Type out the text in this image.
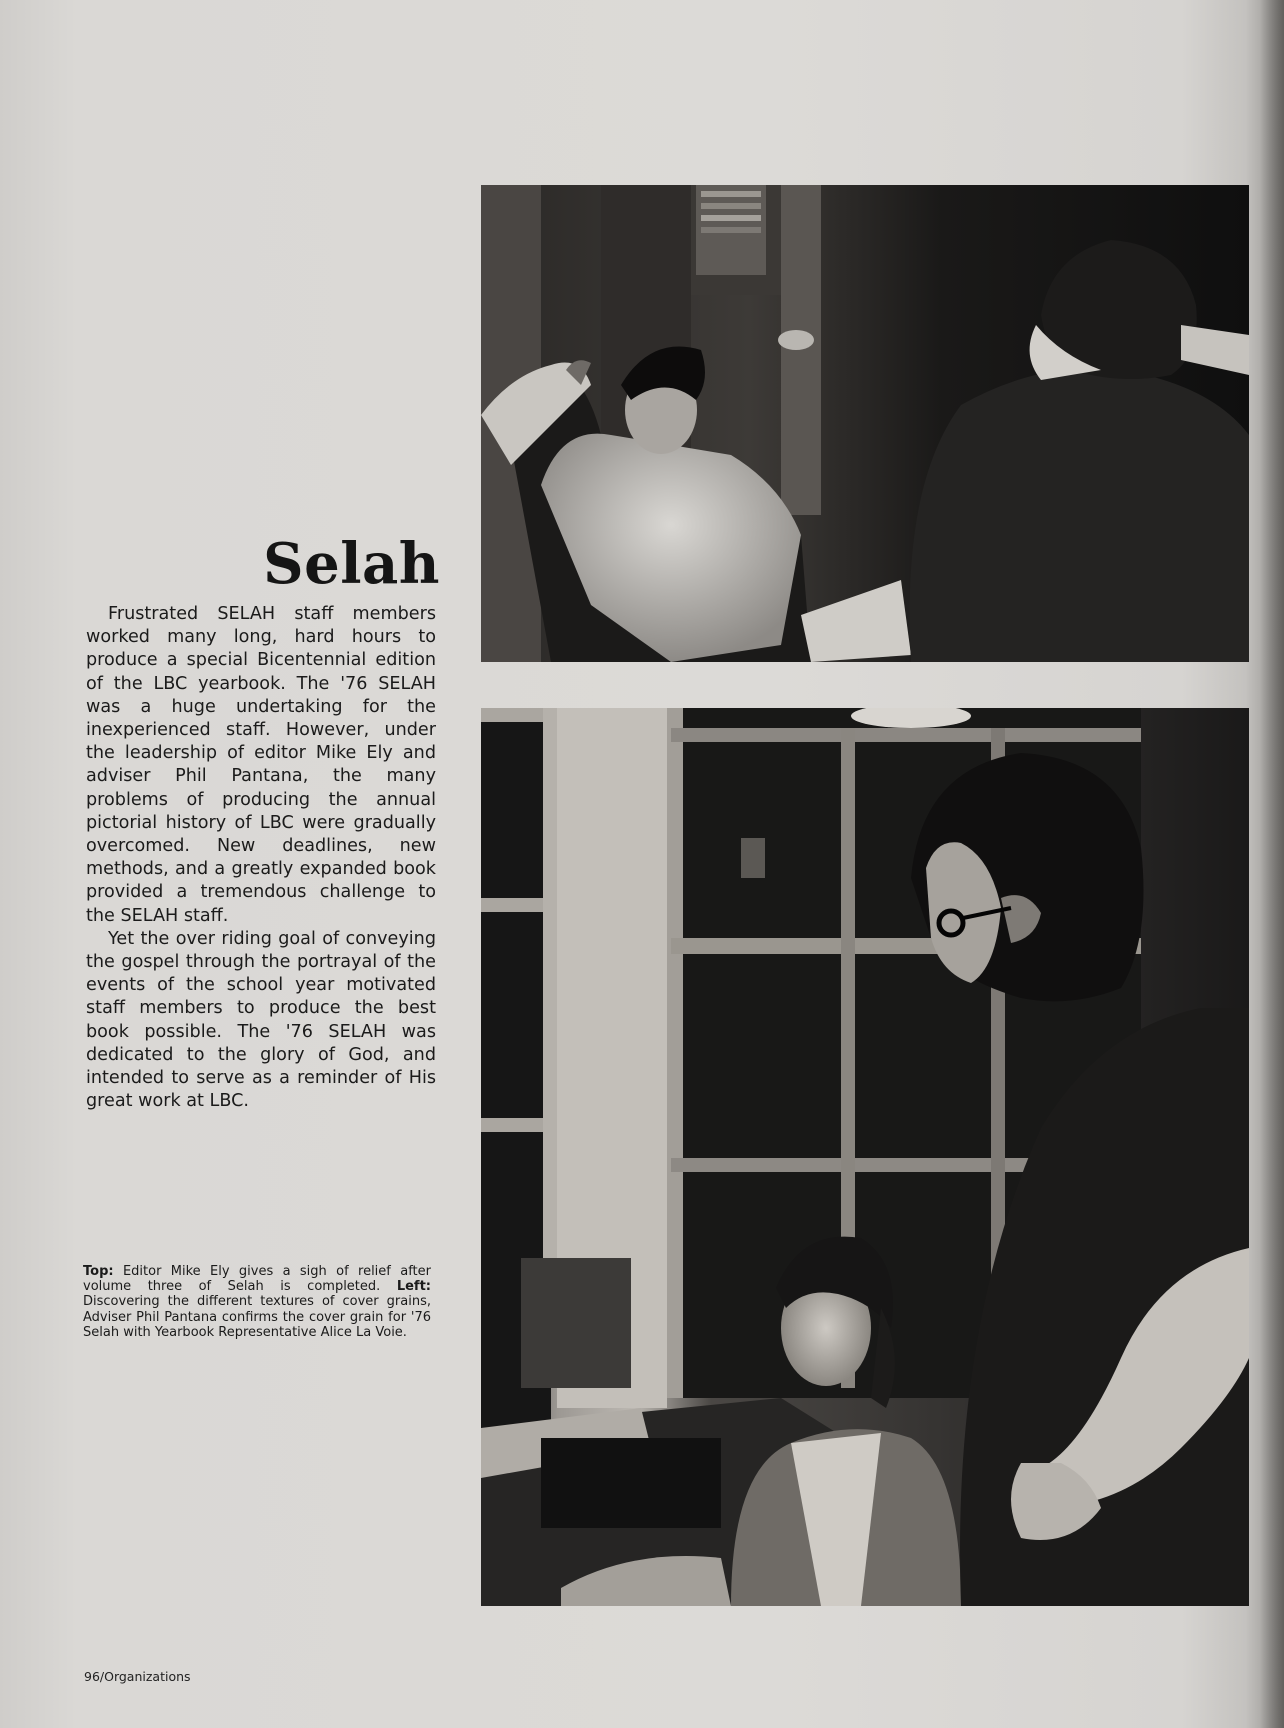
Selah

Frustrated SELAH staff members worked many long, hard hours to produce a special Bicentennial edition of the LBC yearbook. The '76 SELAH was a huge undertaking for the inexperienced staff. However, under the leadership of editor Mike Ely and adviser Phil Pantana, the many problems of producing the annual pictorial history of LBC were gradually overcomed. New deadlines, new methods, and a greatly expanded book provided a tremendous challenge to the SELAH staff.

Yet the over riding goal of conveying the gospel through the portrayal of the events of the school year motivated staff members to produce the best book possible. The '76 SELAH was dedicated to the glory of God, and intended to serve as a reminder of His great work at LBC.

Top: Editor Mike Ely gives a sigh of relief after volume three of Selah is completed. Left: Discovering the different textures of cover grains, Adviser Phil Pantana confirms the cover grain for '76 Selah with Yearbook Representative Alice La Voie.
96/Organizations
